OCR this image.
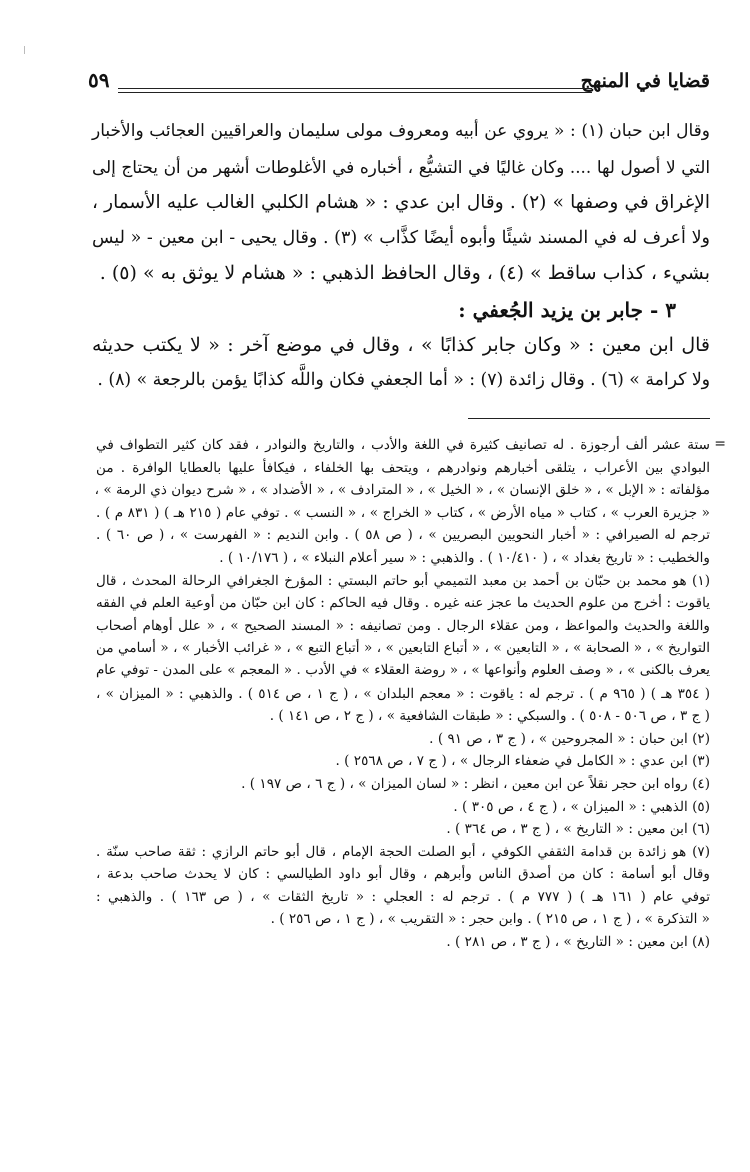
قضايا في المنهج
٥٩
وقال ابن حبان (١) : « يروي عن أبيه ومعروف مولى سليمان والعراقيين العجائب والأخبار
التي لا أصول لها .... وكان غاليًا في التشيُّع ، أخباره في الأغلوطات أشهر من أن يحتاج إلى
الإغراق في وصفها » (٢) . وقال ابن عدي : « هشام الكلبي الغالب عليه الأسمار ،
ولا أعرف له في المسند شيئًا وأبوه أيضًا كذَّاب » (٣) . وقال يحيى - ابن معين - « ليس
بشيء ، كذاب ساقط » (٤) ، وقال الحافظ الذهبي : « هشام لا يوثق به » (٥) .
٣ - جابر بن يزيد الجُعفي :
قال ابن معين : « وكان جابر كذابًا » ، وقال في موضع آخر : « لا يكتب حديثه
ولا كرامة » (٦) . وقال زائدة (٧) : « أما الجعفي فكان واللَّه كذابًا يؤمن بالرجعة » (٨) .
=
ستة عشر ألف أرجوزة . له تصانيف كثيرة في اللغة والأدب ، والتاريخ والنوادر ، فقد كان كثير التطواف في
البوادي بين الأعراب ، يتلقى أخبارهم ونوادرهم ، ويتحف بها الخلفاء ، فيكافأ عليها بالعطايا الوافرة . من
مؤلفاته : « الإبل » ، « خلق الإنسان » ، « الخيل » ، « المترادف » ، « الأضداد » ، « شرح ديوان ذي الرمة » ،
« جزيرة العرب » ، كتاب « مياه الأرض » ، كتاب « الخراج » ، « النسب » . توفي عام ( ٢١٥ هـ ) ( ٨٣١ م ) .
ترجم له الصيرافي : « أخبار النحويين البصريين » ، ( ص ٥٨ ) . وابن النديم : « الفهرست » ، ( ص ٦٠ ) .
والخطيب : « تاريخ بغداد » ، ( ١٠/٤١٠ ) . والذهبي : « سير أعلام النبلاء » ، ( ١٠/١٧٦ ) .
(١) هو محمد بن حبّان بن أحمد بن معبد التميمي أبو حاتم البستي : المؤرخ الجغرافي الرحالة المحدث ، قال
ياقوت : أخرج من علوم الحديث ما عجز عنه غيره . وقال فيه الحاكم : كان ابن حبّان من أوعية العلم في الفقه
واللغة والحديث والمواعظ ، ومن عقلاء الرجال . ومن تصانيفه : « المسند الصحيح » ، « علل أوهام أصحاب
التواريخ » ، « الصحابة » ، « التابعين » ، « أتباع التابعين » ، « أتباع التبع » ، « غرائب الأخبار » ، « أسامي من
يعرف بالكنى » ، « وصف العلوم وأنواعها » ، « روضة العقلاء » في الأدب . « المعجم » على المدن - توفي عام
( ٣٥٤ هـ ) ( ٩٦٥ م ) . ترجم له : ياقوت : « معجم البلدان » ، ( ج ١ ، ص ٥١٤ ) . والذهبي : « الميزان » ،
( ج ٣ ، ص ٥٠٦ - ٥٠٨ ) . والسبكي : « طبقات الشافعية » ، ( ج ٢ ، ص ١٤١ ) .
(٢) ابن حبان : « المجروحين » ، ( ج ٣ ، ص ٩١ ) .
(٣) ابن عدي : « الكامل في ضعفاء الرجال » ، ( ج ٧ ، ص ٢٥٦٨ ) .
(٤) رواه ابن حجر نقلاً عن ابن معين ، انظر : « لسان الميزان » ، ( ج ٦ ، ص ١٩٧ ) .
(٥) الذهبي : « الميزان » ، ( ج ٤ ، ص ٣٠٥ ) .
(٦) ابن معين : « التاريخ » ، ( ج ٣ ، ص ٣٦٤ ) .
(٧) هو زائدة بن قدامة الثقفي الكوفي ، أبو الصلت الحجة الإمام ، قال أبو حاتم الرازي : ثقة صاحب سنّة .
وقال أبو أسامة : كان من أصدق الناس وأبرهم ، وقال أبو داود الطيالسي : كان لا يحدث صاحب بدعة ،
توفي عام ( ١٦١ هـ ) ( ٧٧٧ م ) . ترجم له : العجلي : « تاريخ الثقات » ، ( ص ١٦٣ ) . والذهبي :
« التذكرة » ، ( ج ١ ، ص ٢١٥ ) . وابن حجر : « التقريب » ، ( ج ١ ، ص ٢٥٦ ) .
(٨) ابن معين : « التاريخ » ، ( ج ٣ ، ص ٢٨١ ) .
